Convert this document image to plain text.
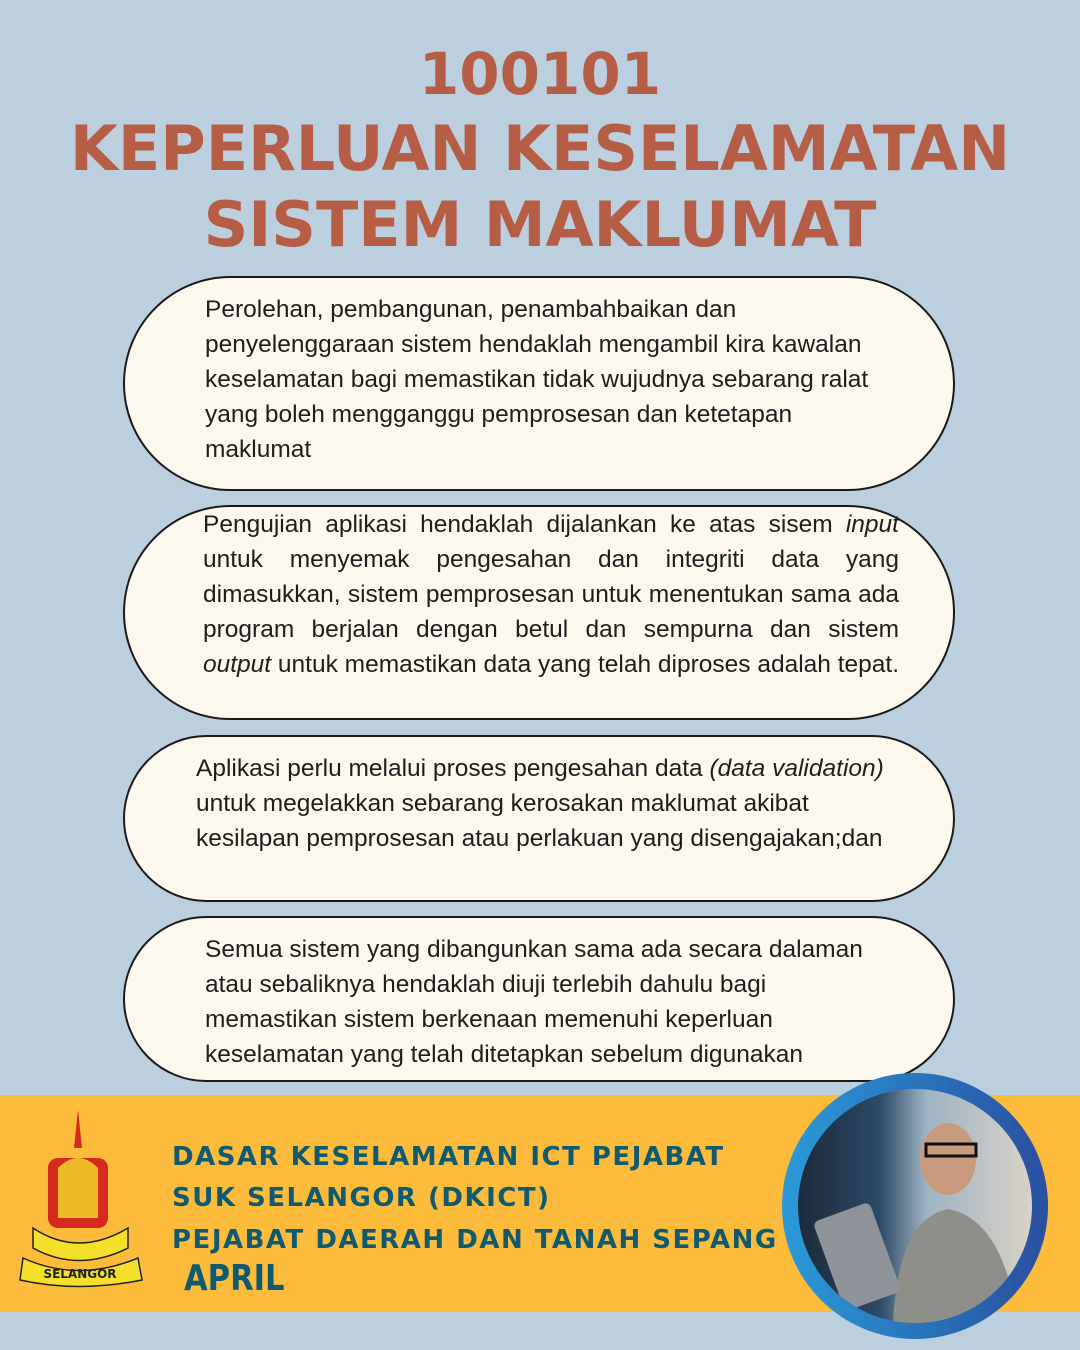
100101
KEPERLUAN KESELAMATAN
SISTEM MAKLUMAT

Perolehan, pembangunan, penambahbaikan dan penyelenggaraan sistem hendaklah mengambil kira kawalan keselamatan bagi memastikan tidak wujudnya sebarang ralat yang boleh mengganggu pemprosesan dan ketetapan maklumat

Pengujian aplikasi hendaklah dijalankan ke atas sisem input untuk menyemak pengesahan dan integriti data yang dimasukkan, sistem pemprosesan untuk menentukan sama ada program berjalan dengan betul dan sempurna dan sistem output untuk memastikan data yang telah diproses adalah tepat.

Aplikasi perlu melalui proses pengesahan data (data validation) untuk megelakkan sebarang kerosakan maklumat akibat kesilapan pemprosesan atau perlakuan yang disengajakan;dan

Semua sistem yang dibangunkan sama ada secara dalaman atau sebaliknya hendaklah diuji terlebih dahulu bagi memastikan sistem berkenaan memenuhi keperluan keselamatan yang telah ditetapkan sebelum digunakan

SELANGOR
DASAR KESELAMATAN ICT PEJABAT
SUK SELANGOR (DKICT)
PEJABAT DAERAH DAN TANAH SEPANG
APRIL
